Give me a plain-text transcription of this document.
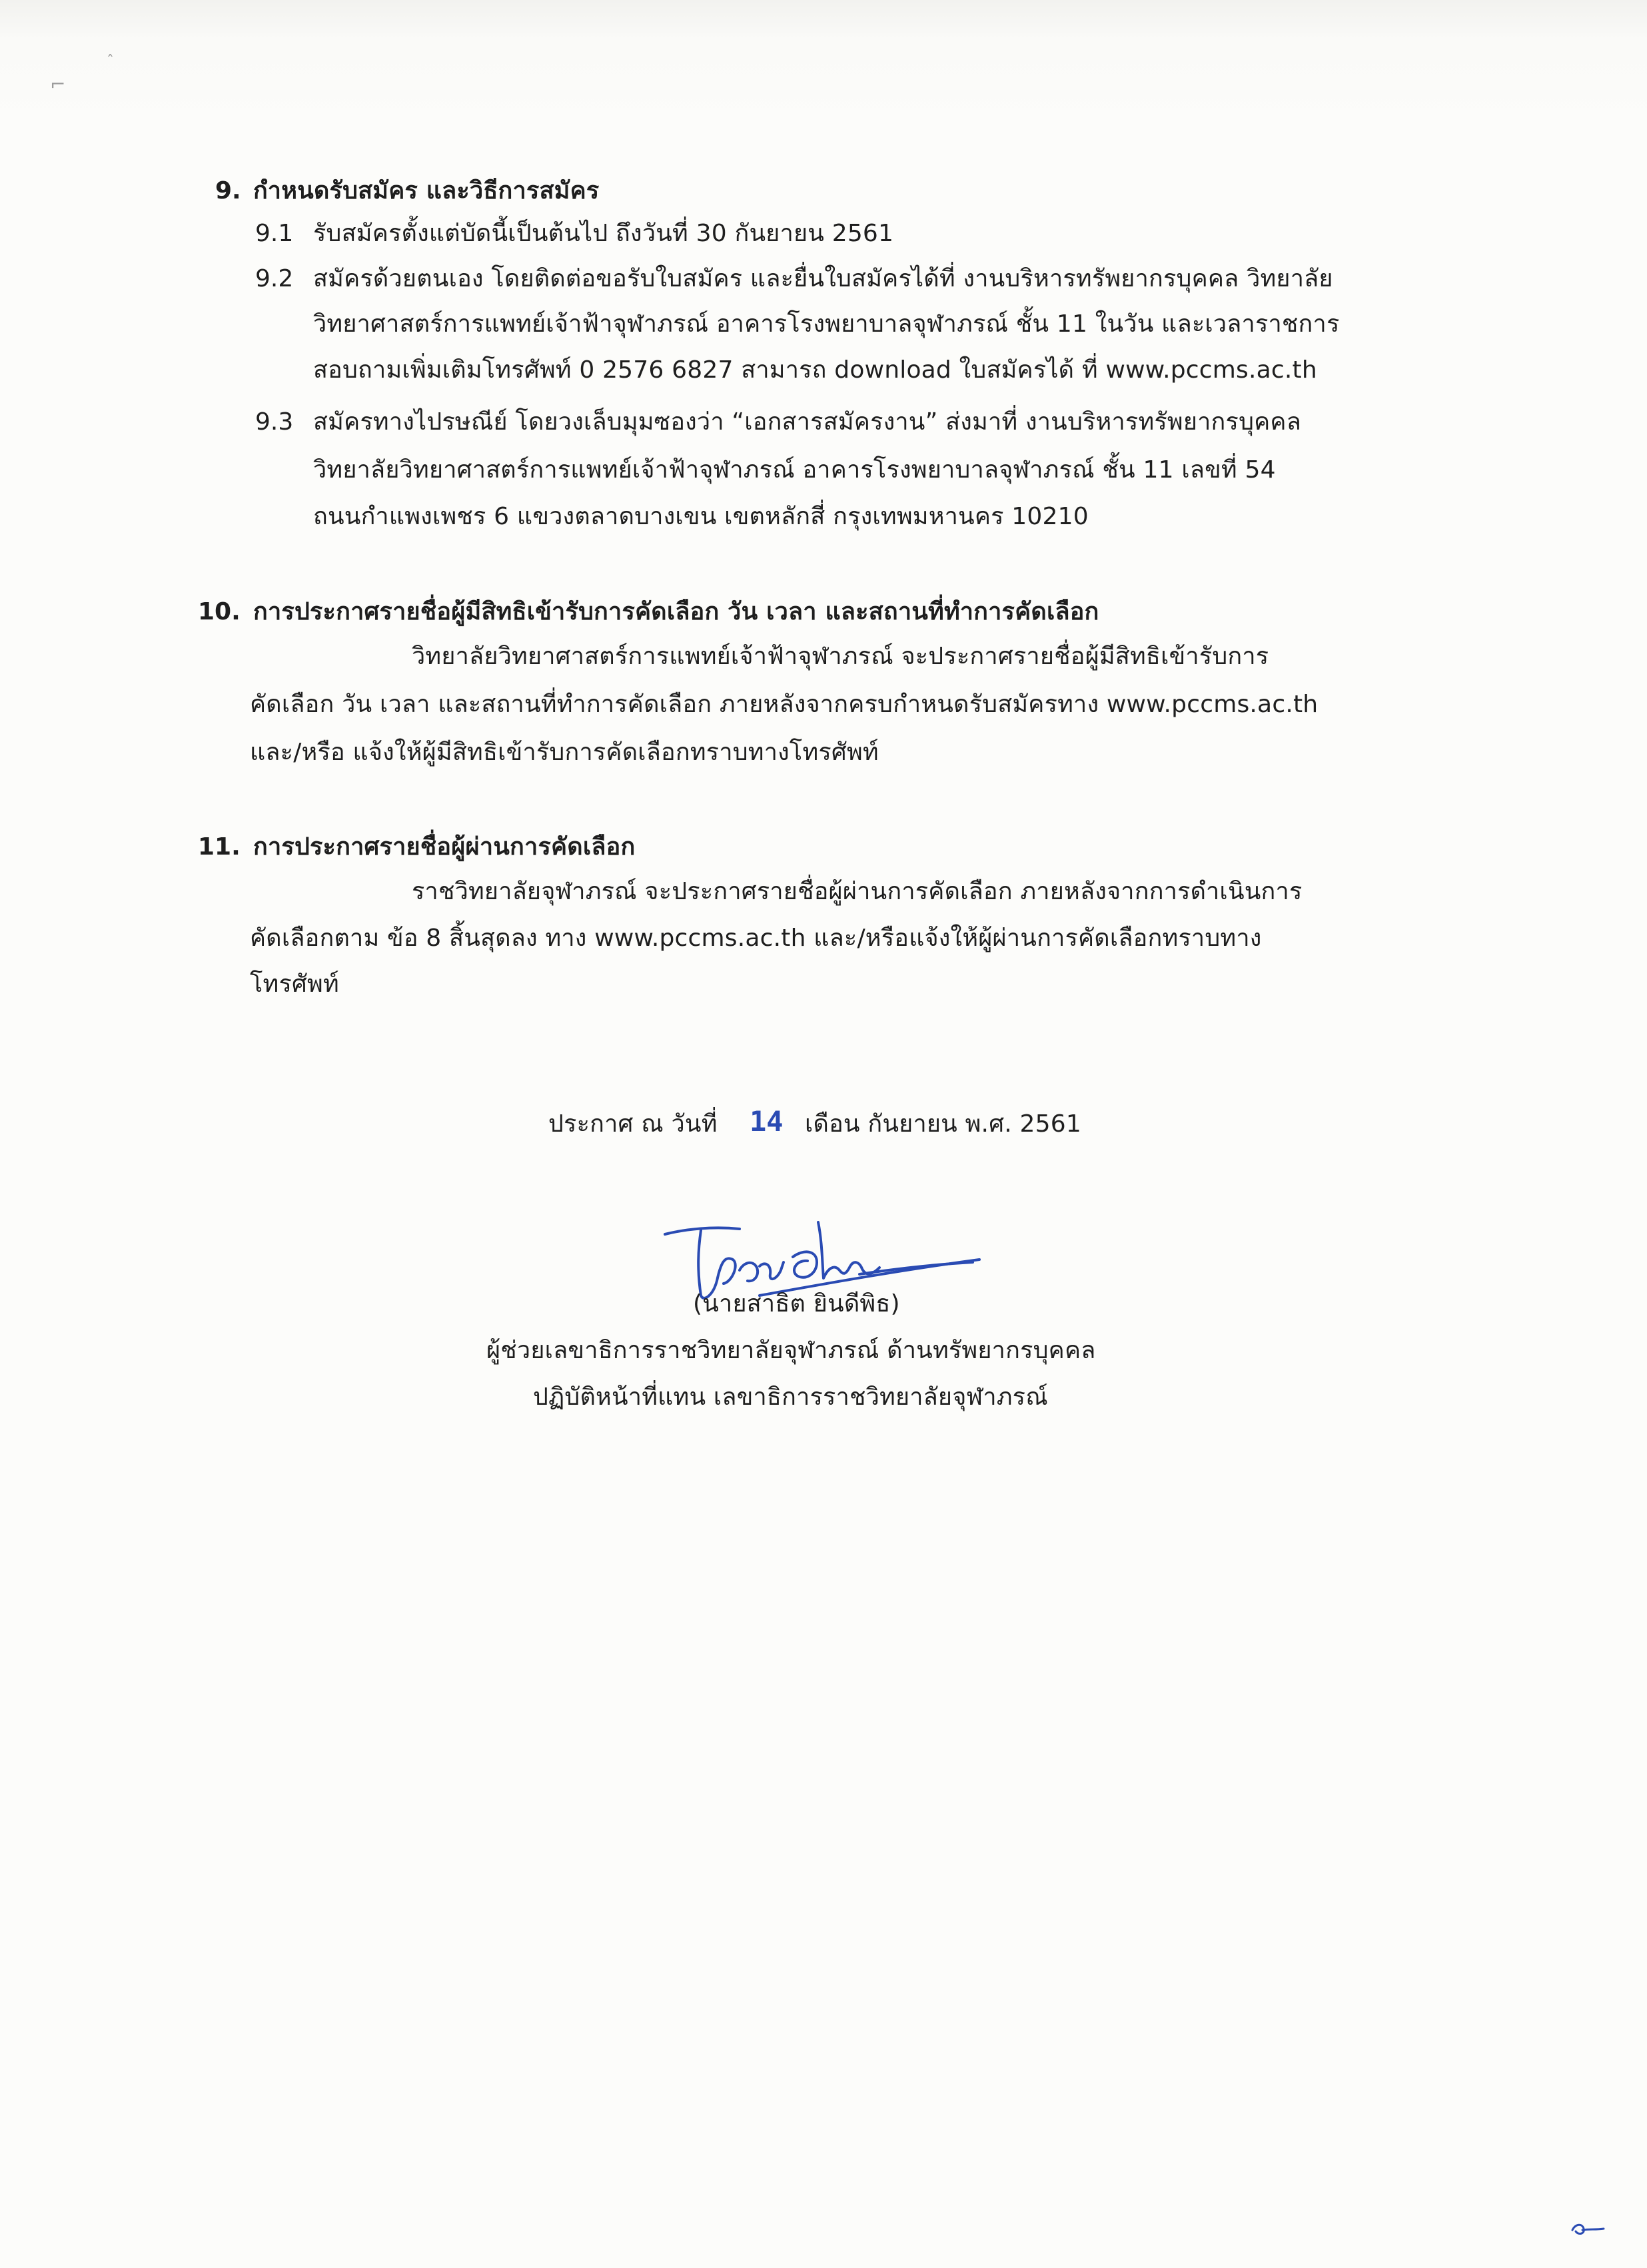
⌐
ˆ
9. กำหนดรับสมัคร และวิธีการสมัคร
9.1 รับสมัครตั้งแต่บัดนี้เป็นต้นไป ถึงวันที่ 30 กันยายน 2561
9.2 สมัครด้วยตนเอง โดยติดต่อขอรับใบสมัคร และยื่นใบสมัครได้ที่ งานบริหารทรัพยากรบุคคล วิทยาลัย
วิทยาศาสตร์การแพทย์เจ้าฟ้าจุฬาภรณ์ อาคารโรงพยาบาลจุฬาภรณ์ ชั้น 11 ในวัน และเวลาราชการ
สอบถามเพิ่มเติมโทรศัพท์ 0 2576 6827 สามารถ download ใบสมัครได้ ที่ www.pccms.ac.th
9.3 สมัครทางไปรษณีย์ โดยวงเล็บมุมซองว่า “เอกสารสมัครงาน” ส่งมาที่ งานบริหารทรัพยากรบุคคล
วิทยาลัยวิทยาศาสตร์การแพทย์เจ้าฟ้าจุฬาภรณ์ อาคารโรงพยาบาลจุฬาภรณ์ ชั้น 11 เลขที่ 54
ถนนกำแพงเพชร 6 แขวงตลาดบางเขน เขตหลักสี่ กรุงเทพมหานคร 10210
10. การประกาศรายชื่อผู้มีสิทธิเข้ารับการคัดเลือก วัน เวลา และสถานที่ทำการคัดเลือก
วิทยาลัยวิทยาศาสตร์การแพทย์เจ้าฟ้าจุฬาภรณ์ จะประกาศรายชื่อผู้มีสิทธิเข้ารับการ
คัดเลือก วัน เวลา และสถานที่ทำการคัดเลือก ภายหลังจากครบกำหนดรับสมัครทาง www.pccms.ac.th
และ/หรือ แจ้งให้ผู้มีสิทธิเข้ารับการคัดเลือกทราบทางโทรศัพท์
11. การประกาศรายชื่อผู้ผ่านการคัดเลือก
ราชวิทยาลัยจุฬาภรณ์ จะประกาศรายชื่อผู้ผ่านการคัดเลือก ภายหลังจากการดำเนินการ
คัดเลือกตาม ข้อ 8 สิ้นสุดลง ทาง www.pccms.ac.th และ/หรือแจ้งให้ผู้ผ่านการคัดเลือกทราบทาง
โทรศัพท์
ประกาศ ณ วันที่ 14 เดือน กันยายน พ.ศ. 2561
(นายสาธิต ยินดีพิธ)
ผู้ช่วยเลขาธิการราชวิทยาลัยจุฬาภรณ์ ด้านทรัพยากรบุคคล
ปฏิบัติหน้าที่แทน เลขาธิการราชวิทยาลัยจุฬาภรณ์
